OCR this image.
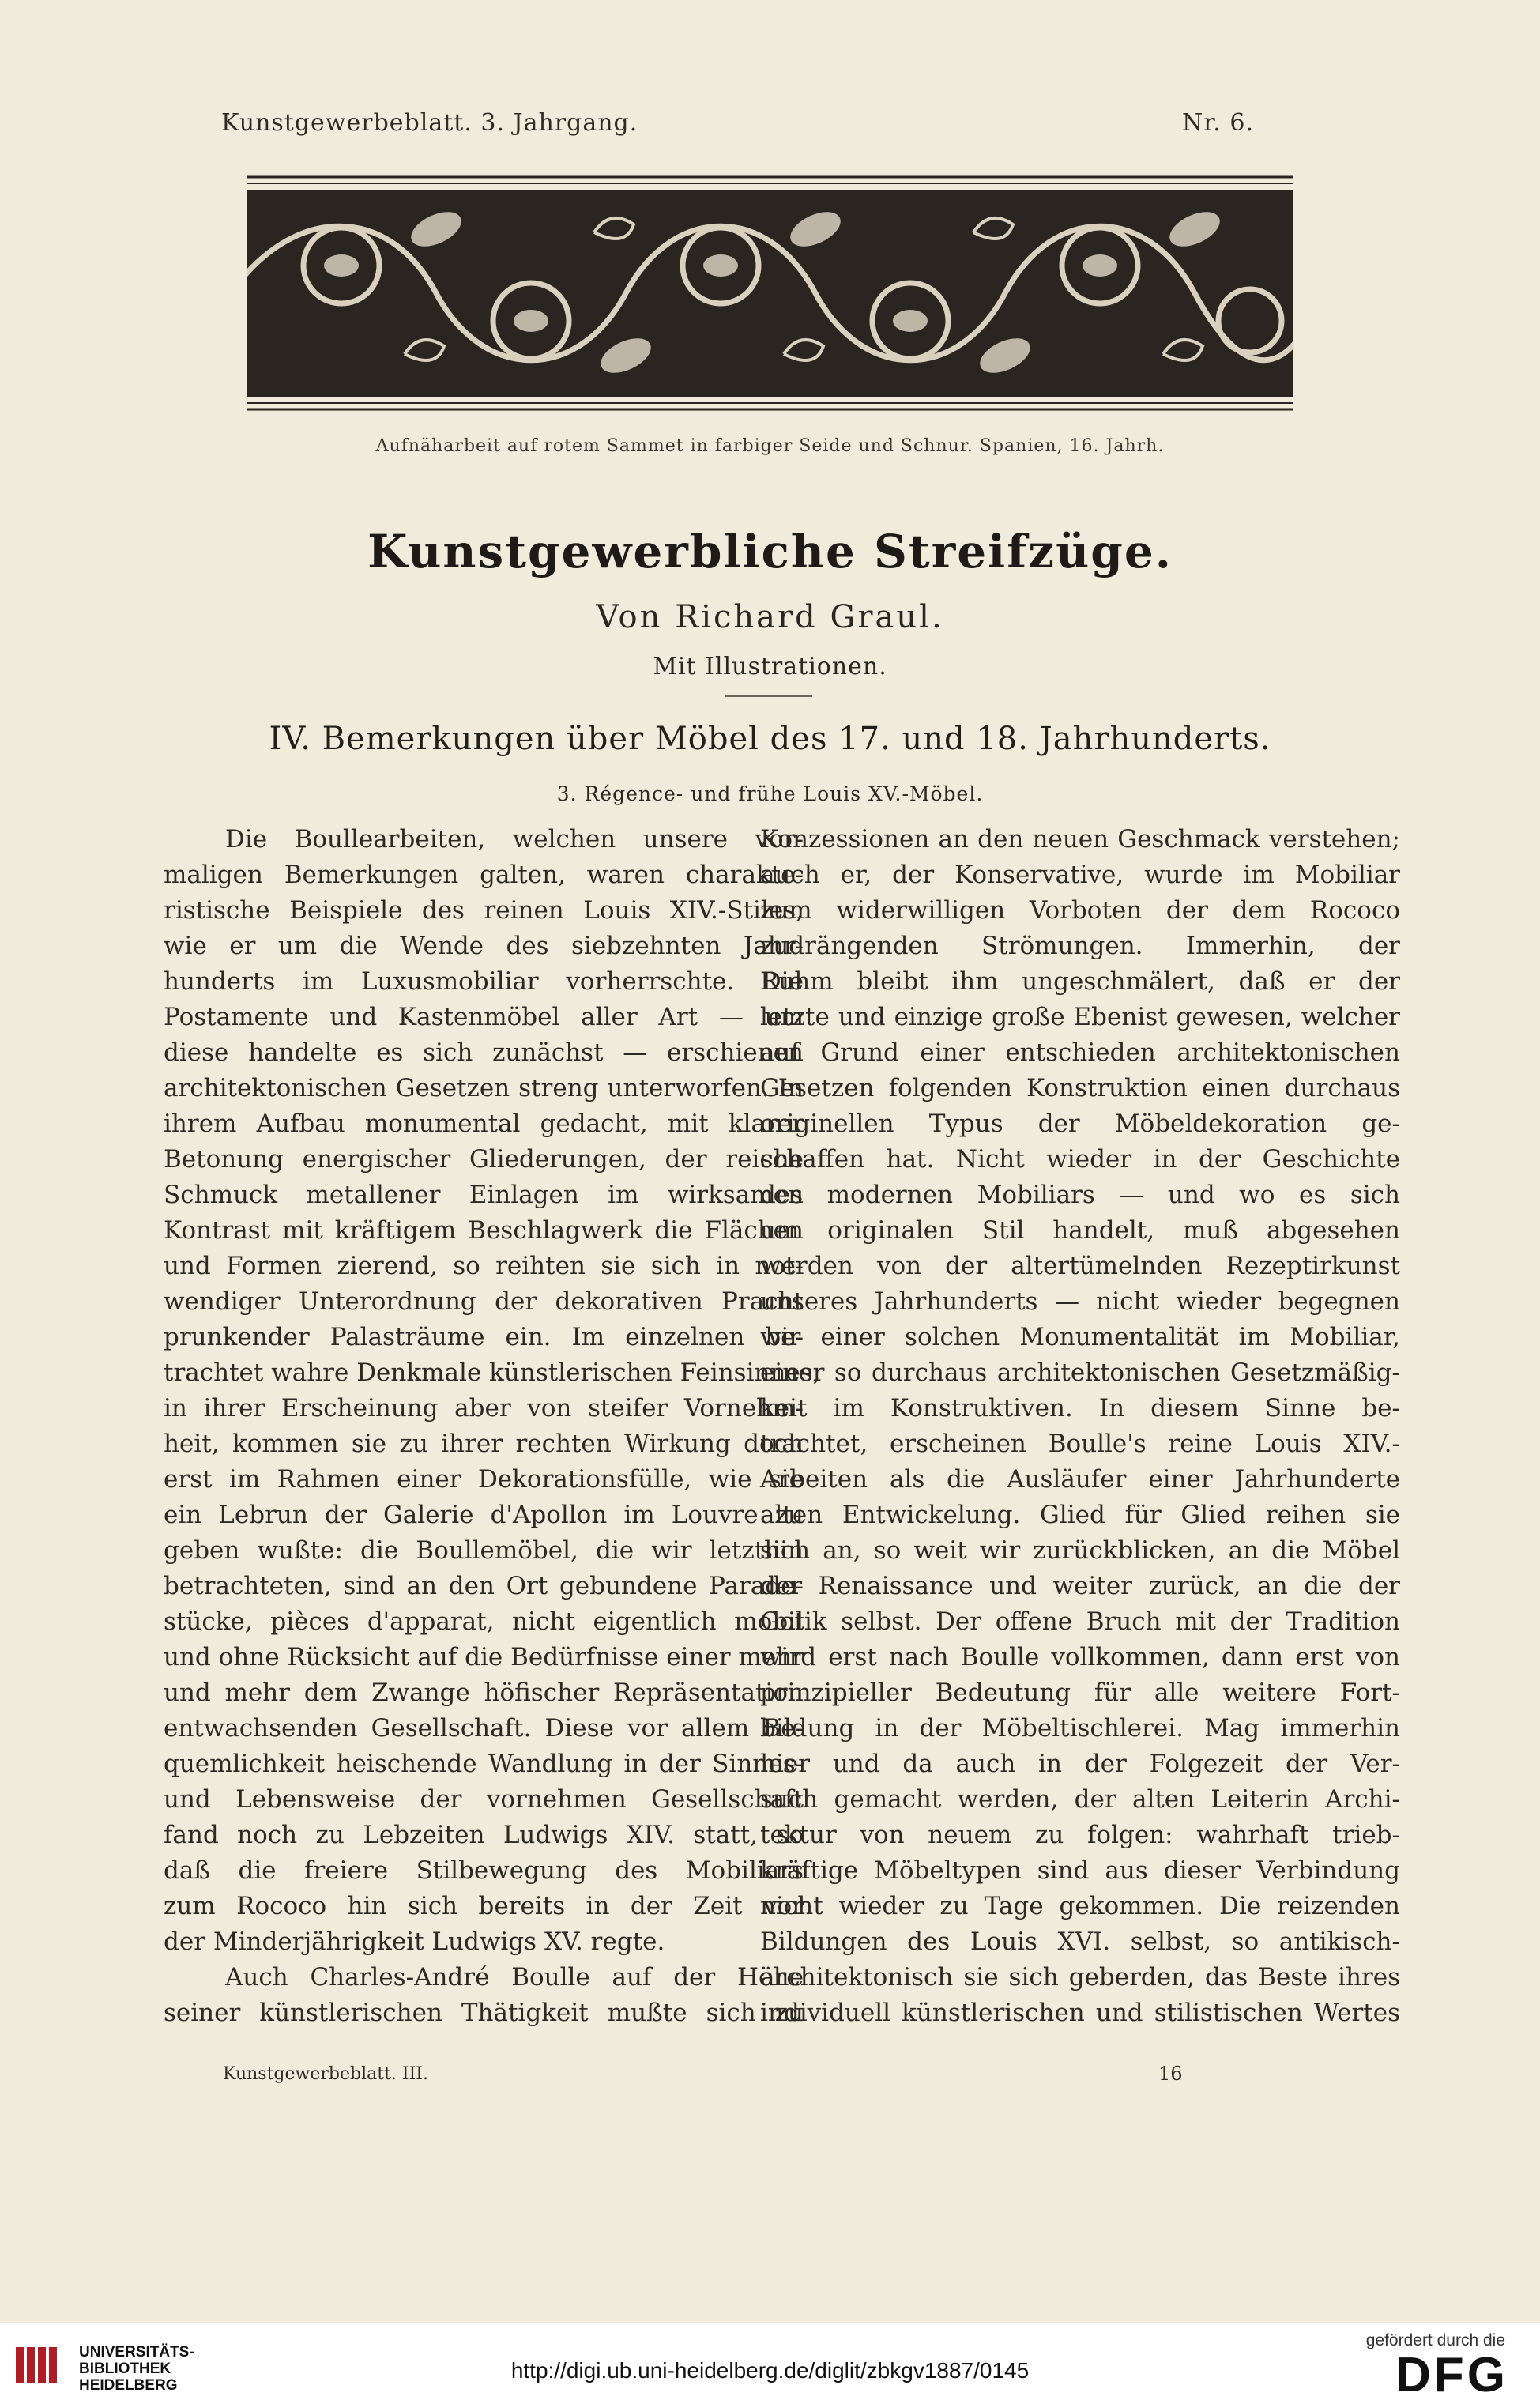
Kunstgewerbeblatt. 3. Jahrgang.	Nr. 6.
Aufnäharbeit auf rotem Sammet in farbiger Seide und Schnur. Spanien, 16. Jahrh.
Kunstgewerbliche Streifzüge.
Von Richard Graul.
Mit Illustrationen.
IV. Bemerkungen über Möbel des 17. und 18. Jahrhunderts.
3. Régence- und frühe Louis XV.-Möbel.
Die Boullearbeiten, welchen unsere vor-
maligen Bemerkungen galten, waren charakte-
ristische Beispiele des reinen Louis XIV.-Stiles,
wie er um die Wende des siebzehnten Jahr-
hunderts im Luxusmobiliar vorherrschte. Die
Postamente und Kastenmöbel aller Art — um
diese handelte es sich zunächst — erschienen
architektonischen Gesetzen streng unterworfen. In
ihrem Aufbau monumental gedacht, mit klarer
Betonung energischer Gliederungen, der reiche
Schmuck metallener Einlagen im wirksamen
Kontrast mit kräftigem Beschlagwerk die Flächen
und Formen zierend, so reihten sie sich in not-
wendiger Unterordnung der dekorativen Pracht
prunkender Palasträume ein. Im einzelnen be-
trachtet wahre Denkmale künstlerischen Feinsinnes,
in ihrer Erscheinung aber von steifer Vornehm-
heit, kommen sie zu ihrer rechten Wirkung doch
erst im Rahmen einer Dekorationsfülle, wie sie
ein Lebrun der Galerie d'Apollon im Louvre zu
geben wußte: die Boullemöbel, die wir letzthin
betrachteten, sind an den Ort gebundene Parade-
stücke, pièces d'apparat, nicht eigentlich mobil
und ohne Rücksicht auf die Bedürfnisse einer mehr
und mehr dem Zwange höfischer Repräsentation
entwachsenden Gesellschaft. Diese vor allem Be-
quemlichkeit heischende Wandlung in der Sinnes-
und Lebensweise der vornehmen Gesellschaft
fand noch zu Lebzeiten Ludwigs XIV. statt, so
daß die freiere Stilbewegung des Mobiliars
zum Rococo hin sich bereits in der Zeit vor
der Minderjährigkeit Ludwigs XV. regte.
Auch Charles-André Boulle auf der Höhe
seiner künstlerischen Thätigkeit mußte sich zu
Konzessionen an den neuen Geschmack verstehen;
auch er, der Konservative, wurde im Mobiliar
zum widerwilligen Vorboten der dem Rococo
zudrängenden Strömungen. Immerhin, der
Ruhm bleibt ihm ungeschmälert, daß er der
letzte und einzige große Ebenist gewesen, welcher
auf Grund einer entschieden architektonischen
Gesetzen folgenden Konstruktion einen durchaus
originellen Typus der Möbeldekoration ge-
schaffen hat. Nicht wieder in der Geschichte
des modernen Mobiliars — und wo es sich
um originalen Stil handelt, muß abgesehen
werden von der altertümelnden Rezeptirkunst
unseres Jahrhunderts — nicht wieder begegnen
wir einer solchen Monumentalität im Mobiliar,
einer so durchaus architektonischen Gesetzmäßig-
keit im Konstruktiven. In diesem Sinne be-
trachtet, erscheinen Boulle's reine Louis XIV.-
Arbeiten als die Ausläufer einer Jahrhunderte
alten Entwickelung. Glied für Glied reihen sie
sich an, so weit wir zurückblicken, an die Möbel
der Renaissance und weiter zurück, an die der
Gotik selbst. Der offene Bruch mit der Tradition
wird erst nach Boulle vollkommen, dann erst von
prinzipieller Bedeutung für alle weitere Fort-
bildung in der Möbeltischlerei. Mag immerhin
hier und da auch in der Folgezeit der Ver-
such gemacht werden, der alten Leiterin Archi-
tektur von neuem zu folgen: wahrhaft trieb-
kräftige Möbeltypen sind aus dieser Verbindung
nicht wieder zu Tage gekommen. Die reizenden
Bildungen des Louis XVI. selbst, so antikisch-
architektonisch sie sich geberden, das Beste ihres
individuell künstlerischen und stilistischen Wertes
Kunstgewerbeblatt. III.	16
UNIVERSITÄTS-
BIBLIOTHEK
HEIDELBERG
http://digi.ub.uni-heidelberg.de/diglit/zbkgv1887/0145
gefördert durch die
DFG
